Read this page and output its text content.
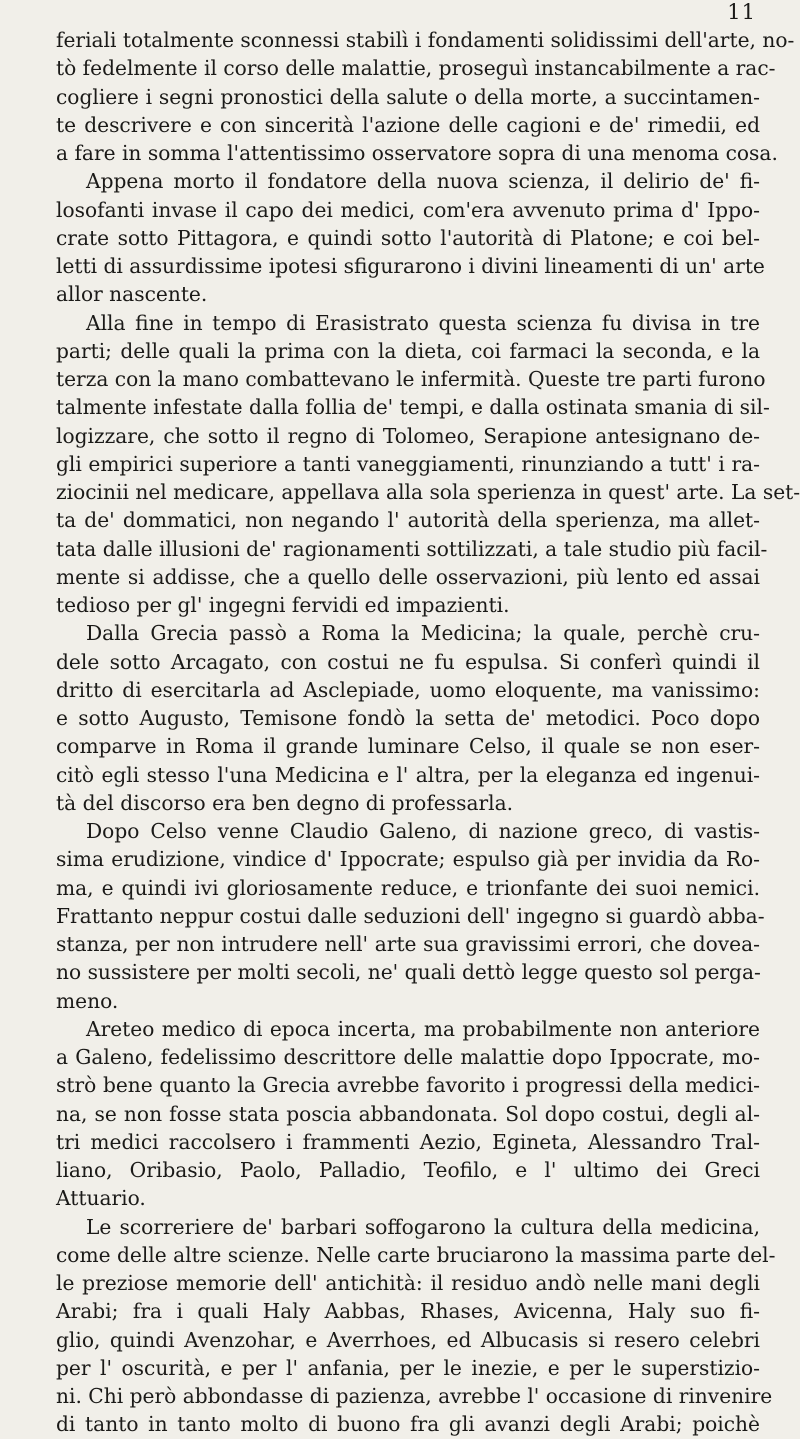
11
feriali totalmente sconnessi stabilì i fondamenti solidissimi dell'arte, no-
tò fedelmente il corso delle malattie, proseguì instancabilmente a rac-
cogliere i segni pronostici della salute o della morte, a succintamen-
te descrivere e con sincerità l'azione delle cagioni e de' rimedii, ed
a fare in somma l'attentissimo osservatore sopra di una menoma cosa.
Appena morto il fondatore della nuova scienza, il delirio de' fi-
losofanti invase il capo dei medici, com'era avvenuto prima d' Ippo-
crate sotto Pittagora, e quindi sotto l'autorità di Platone; e coi bel-
letti di assurdissime ipotesi sfigurarono i divini lineamenti di un' arte
allor nascente.
Alla fine in tempo di Erasistrato questa scienza fu divisa in tre
parti; delle quali la prima con la dieta, coi farmaci la seconda, e la
terza con la mano combattevano le infermità. Queste tre parti furono
talmente infestate dalla follia de' tempi, e dalla ostinata smania di sil-
logizzare, che sotto il regno di Tolomeo, Serapione antesignano de-
gli empirici superiore a tanti vaneggiamenti, rinunziando a tutt' i ra-
ziocinii nel medicare, appellava alla sola sperienza in quest' arte. La set-
ta de' dommatici, non negando l' autorità della sperienza, ma allet-
tata dalle illusioni de' ragionamenti sottilizzati, a tale studio più facil-
mente si addisse, che a quello delle osservazioni, più lento ed assai
tedioso per gl' ingegni fervidi ed impazienti.
Dalla Grecia passò a Roma la Medicina; la quale, perchè cru-
dele sotto Arcagato, con costui ne fu espulsa. Si conferì quindi il
dritto di esercitarla ad Asclepiade, uomo eloquente, ma vanissimo:
e sotto Augusto, Temisone fondò la setta de' metodici. Poco dopo
comparve in Roma il grande luminare Celso, il quale se non eser-
citò egli stesso l'una Medicina e l' altra, per la eleganza ed ingenui-
tà del discorso era ben degno di professarla.
Dopo Celso venne Claudio Galeno, di nazione greco, di vastis-
sima erudizione, vindice d' Ippocrate; espulso già per invidia da Ro-
ma, e quindi ivi gloriosamente reduce, e trionfante dei suoi nemici.
Frattanto neppur costui dalle seduzioni dell' ingegno si guardò abba-
stanza, per non intrudere nell' arte sua gravissimi errori, che dovea-
no sussistere per molti secoli, ne' quali dettò legge questo sol perga-
meno.
Areteo medico di epoca incerta, ma probabilmente non anteriore
a Galeno, fedelissimo descrittore delle malattie dopo Ippocrate, mo-
strò bene quanto la Grecia avrebbe favorito i progressi della medici-
na, se non fosse stata poscia abbandonata. Sol dopo costui, degli al-
tri medici raccolsero i frammenti Aezio, Egineta, Alessandro Tral-
liano, Oribasio, Paolo, Palladio, Teofilo, e l' ultimo dei Greci
Attuario.
Le scorreriere de' barbari soffogarono la cultura della medicina,
come delle altre scienze. Nelle carte bruciarono la massima parte del-
le preziose memorie dell' antichità: il residuo andò nelle mani degli
Arabi; fra i quali Haly Aabbas, Rhases, Avicenna, Haly suo fi-
glio, quindi Avenzohar, e Averrhoes, ed Albucasis si resero celebri
per l' oscurità, e per l' anfania, per le inezie, e per le superstizio-
ni. Chi però abbondasse di pazienza, avrebbe l' occasione di rinvenire
di tanto in tanto molto di buono fra gli avanzi degli Arabi; poichè
